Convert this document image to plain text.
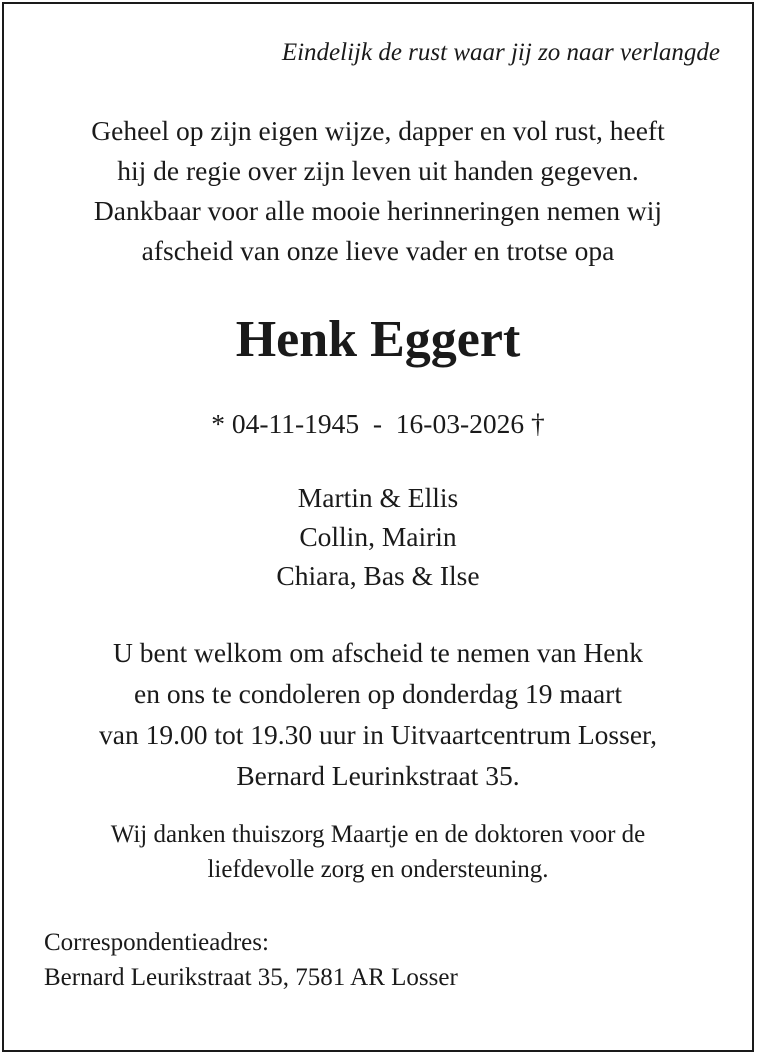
Eindelijk de rust waar jij zo naar verlangde
Geheel op zijn eigen wijze, dapper en vol rust, heeft
hij de regie over zijn leven uit handen gegeven.
Dankbaar voor alle mooie herinneringen nemen wij
afscheid van onze lieve vader en trotse opa
Henk Eggert
* 04-11-1945  -  16-03-2026 †
Martin & Ellis
Collin, Mairin
Chiara, Bas & Ilse
U bent welkom om afscheid te nemen van Henk
en ons te condoleren op donderdag 19 maart
van 19.00 tot 19.30 uur in Uitvaartcentrum Losser,
Bernard Leurinkstraat 35.
Wij danken thuiszorg Maartje en de doktoren voor de
liefdevolle zorg en ondersteuning.
Correspondentieadres:
Bernard Leurikstraat 35, 7581 AR Losser
